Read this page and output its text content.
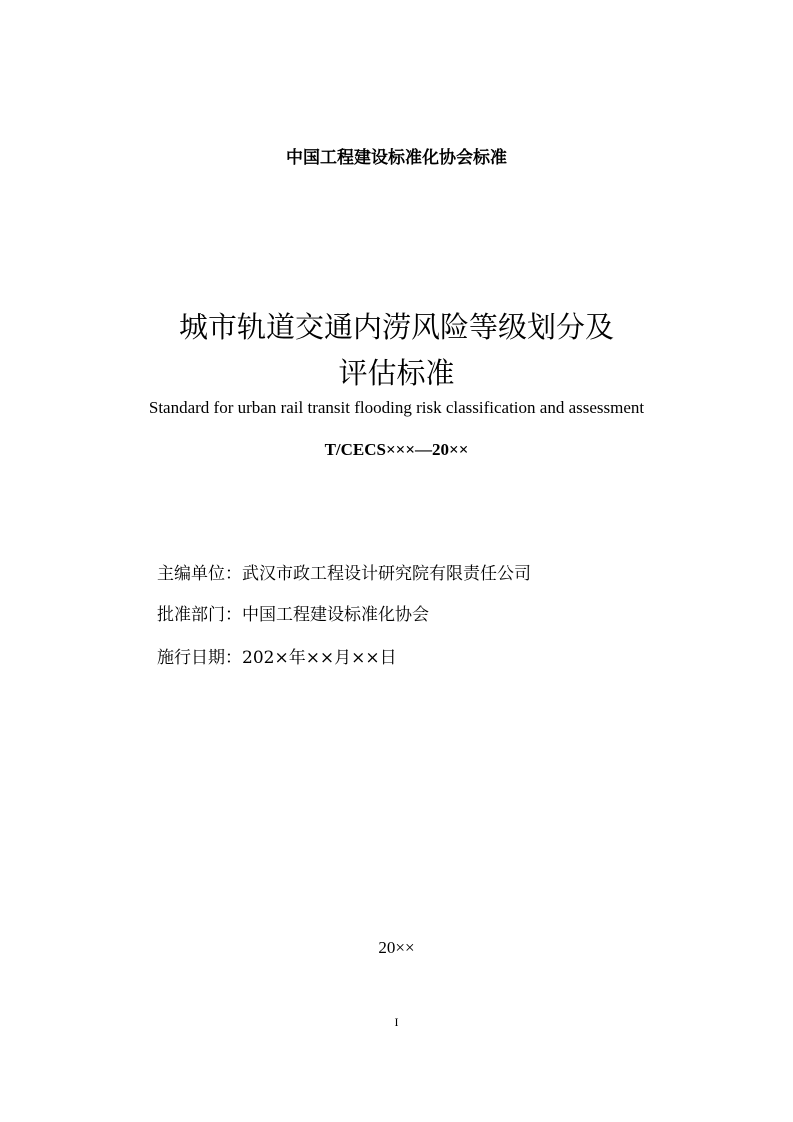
中国工程建设标准化协会标准
城市轨道交通内涝风险等级划分及
评估标准
Standard for urban rail transit flooding risk classification and assessment
T/CECS×××—20××
主编单位：武汉市政工程设计研究院有限责任公司
批准部门：中国工程建设标准化协会
施行日期：202×年××月××日
20××
I
